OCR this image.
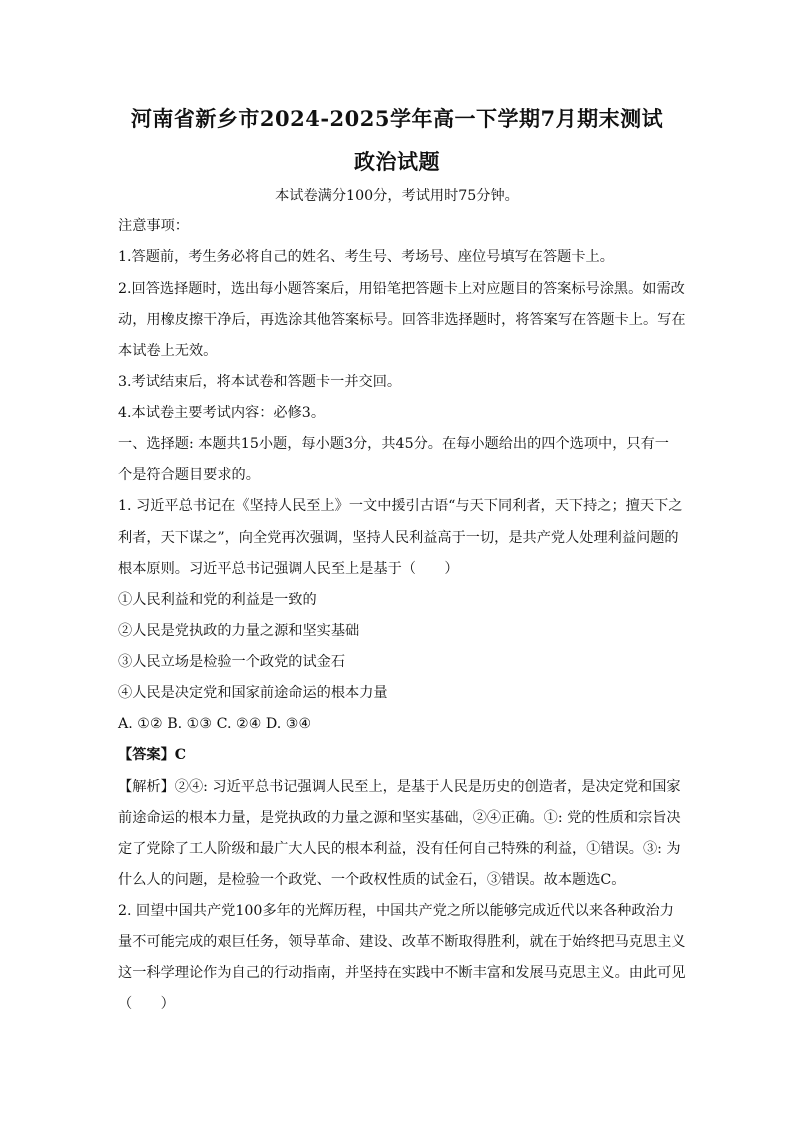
河南省新乡市2024-2025学年高一下学期7月期末测试
政治试题
本试卷满分100分，考试用时75分钟。
注意事项：
1.答题前，考生务必将自己的姓名、考生号、考场号、座位号填写在答题卡上。
2.回答选择题时，选出每小题答案后，用铅笔把答题卡上对应题目的答案标号涂黑。如需改
动，用橡皮擦干净后，再选涂其他答案标号。回答非选择题时，将答案写在答题卡上。写在
本试卷上无效。
3.考试结束后，将本试卷和答题卡一并交回。
4.本试卷主要考试内容：必修3。
一、选择题: 本题共15小题，每小题3分，共45分。在每小题给出的四个选项中，只有一
个是符合题目要求的。
1. 习近平总书记在《坚持人民至上》一文中援引古语“与天下同利者，天下持之；擅天下之
利者，天下谋之”，向全党再次强调，坚持人民利益高于一切，是共产党人处理利益问题的
根本原则。习近平总书记强调人民至上是基于（　　）
①人民利益和党的利益是一致的
②人民是党执政的力量之源和坚实基础
③人民立场是检验一个政党的试金石
④人民是决定党和国家前途命运的根本力量
A. ①② B. ①③ C. ②④ D. ③④
【答案】C
【解析】②④: 习近平总书记强调人民至上，是基于人民是历史的创造者，是决定党和国家
前途命运的根本力量，是党执政的力量之源和坚实基础，②④正确。①: 党的性质和宗旨决
定了党除了工人阶级和最广大人民的根本利益，没有任何自己特殊的利益，①错误。③: 为
什么人的问题，是检验一个政党、一个政权性质的试金石，③错误。故本题选C。
2. 回望中国共产党100多年的光辉历程，中国共产党之所以能够完成近代以来各种政治力
量不可能完成的艰巨任务，领导革命、建设、改革不断取得胜利，就在于始终把马克思主义
这一科学理论作为自己的行动指南，并坚持在实践中不断丰富和发展马克思主义。由此可见
（　　）
